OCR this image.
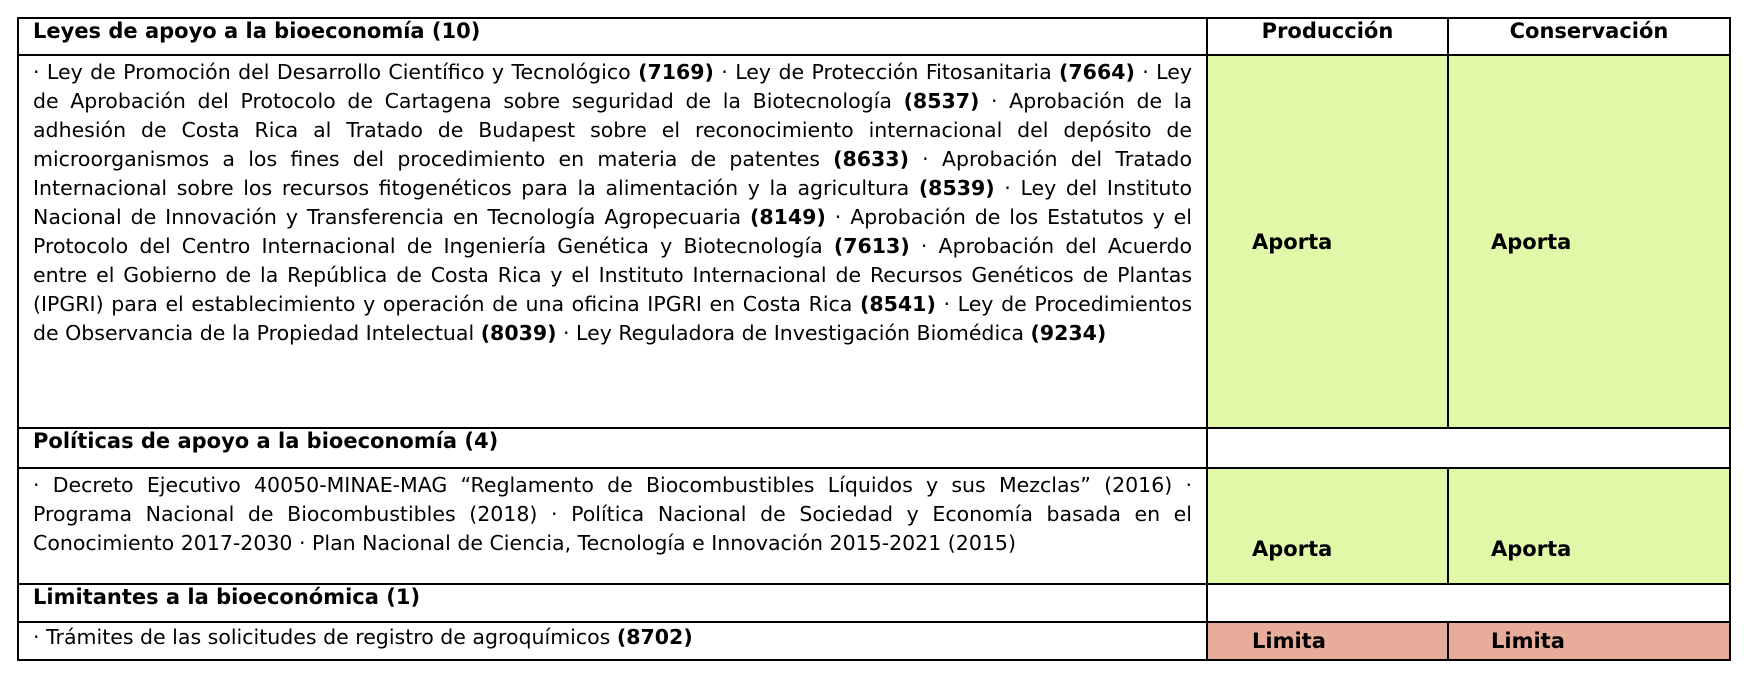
Leyes de apoyo a la bioeconomía (10)	Producción	Conservación
· Ley de Promoción del Desarrollo Científico y Tecnológico (7169) · Ley de Protección Fitosanitaria (7664) · Ley de Aprobación del Protocolo de Cartagena sobre seguridad de la Biotecnología (8537) · Aprobación de la adhesión de Costa Rica al Tratado de Budapest sobre el reconocimiento internacional del depósito de microorganismos a los fines del procedimiento en materia de patentes (8633) · Aprobación del Tratado Internacional sobre los recursos fitogenéticos para la alimentación y la agricultura (8539) · Ley del Instituto Nacional de Innovación y Transferencia en Tecnología Agropecuaria (8149) · Aprobación de los Estatutos y el Protocolo del Centro Internacional de Ingeniería Genética y Biotecnología (7613) · Aprobación del Acuerdo entre el Gobierno de la República de Costa Rica y el Instituto Internacional de Recursos Genéticos de Plantas (IPGRI) para el establecimiento y operación de una oficina IPGRI en Costa Rica (8541) · Ley de Procedimientos de Observancia de la Propiedad Intelectual (8039) · Ley Reguladora de Investigación Biomédica (9234)	Aporta	Aporta
Políticas de apoyo a la bioeconomía (4)		
· Decreto Ejecutivo 40050-MINAE-MAG “Reglamento de Biocombustibles Líquidos y sus Mezclas” (2016) · Programa Nacional de Biocombustibles (2018) · Política Nacional de Sociedad y Economía basada en el Conocimiento 2017-2030 · Plan Nacional de Ciencia, Tecnología e Innovación 2015-2021 (2015)	Aporta	Aporta
Limitantes a la bioeconómica (1)		
· Trámites de las solicitudes de registro de agroquímicos (8702)	Limita	Limita
